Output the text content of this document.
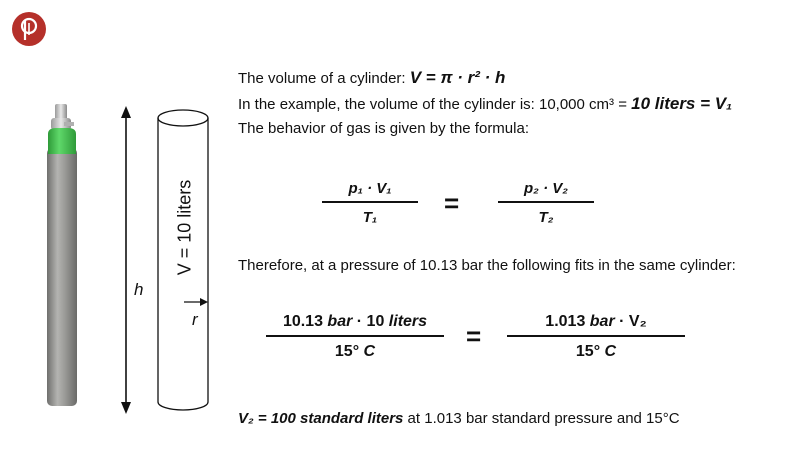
V = 10 liters
h
r
The volume of a cylinder: V = π · r² · h
In the example, the volume of the cylinder is: 10,000 cm³ = 10 liters = V₁
The behavior of gas is given by the formula:
p₁ · V₁
T₁	=	p₂ · V₂
T₂
Therefore, at a pressure of 10.13 bar the following fits in the same cylinder:
10.13 bar · 10 liters
15° C
=	1.013 bar · V₂
15° C
V₂ = 100 standard liters at 1.013 bar standard pressure and 15°C
